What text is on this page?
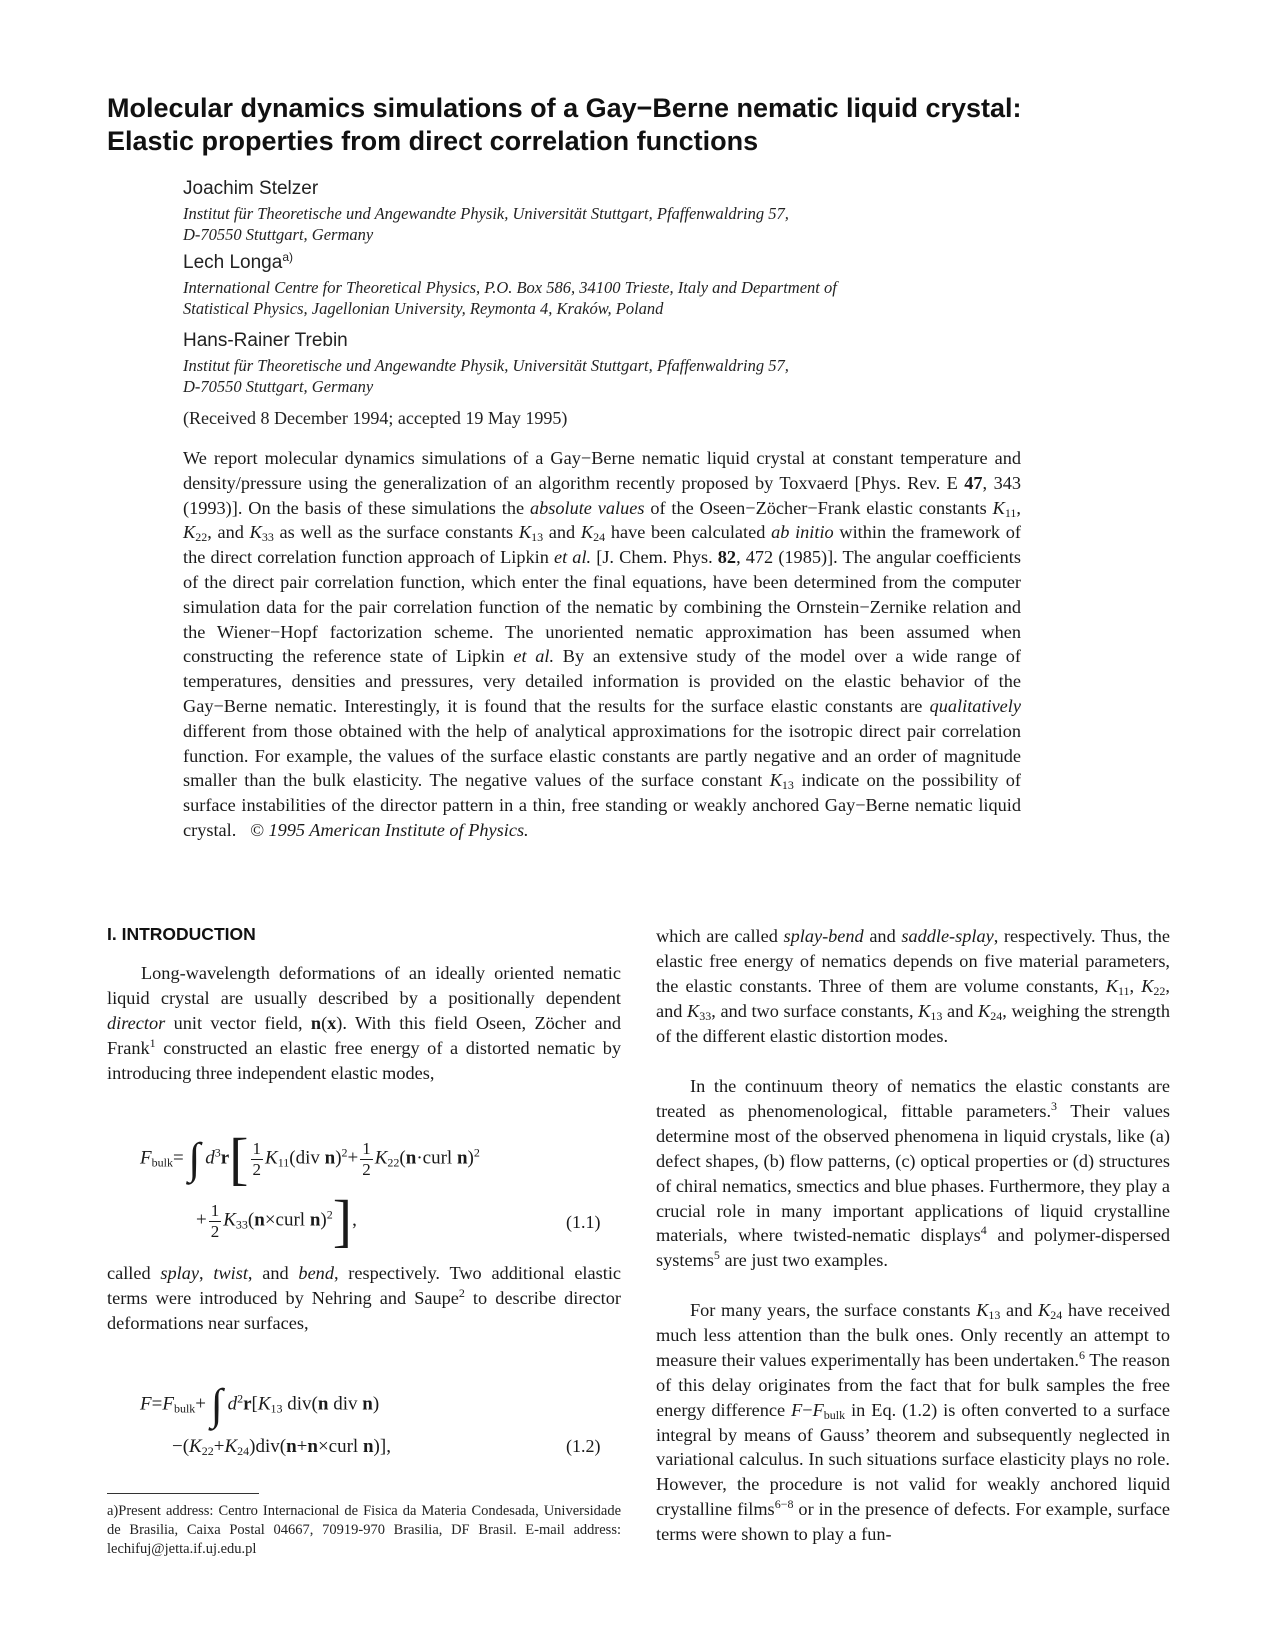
Molecular dynamics simulations of a Gay−Berne nematic liquid crystal:
Elastic properties from direct correlation functions
Joachim Stelzer
Institut für Theoretische und Angewandte Physik, Universität Stuttgart, Pfaffenwaldring 57,
D-70550 Stuttgart, Germany
Lech Longa$^{a)}$
International Centre for Theoretical Physics, P.O. Box 586, 34100 Trieste, Italy and Department of
Statistical Physics, Jagellonian University, Reymonta 4, Kraków, Poland
Hans-Rainer Trebin
Institut für Theoretische und Angewandte Physik, Universität Stuttgart, Pfaffenwaldring 57,
D-70550 Stuttgart, Germany
(Received 8 December 1994; accepted 19 May 1995)
We report molecular dynamics simulations of a Gay−Berne nematic liquid crystal at constant temperature and density/pressure using the generalization of an algorithm recently proposed by Toxvaerd [Phys. Rev. E 47, 343 (1993)]. On the basis of these simulations the absolute values of the Oseen−Zöcher−Frank elastic constants $K_{11}$, $K_{22}$, and $K_{33}$ as well as the surface constants $K_{13}$ and $K_{24}$ have been calculated ab initio within the framework of the direct correlation function approach of Lipkin et al. [J. Chem. Phys. 82, 472 (1985)]. The angular coefficients of the direct pair correlation function, which enter the final equations, have been determined from the computer simulation data for the pair correlation function of the nematic by combining the Ornstein−Zernike relation and the Wiener−Hopf factorization scheme. The unoriented nematic approximation has been assumed when constructing the reference state of Lipkin et al. By an extensive study of the model over a wide range of temperatures, densities and pressures, very detailed information is provided on the elastic behavior of the Gay−Berne nematic. Interestingly, it is found that the results for the surface elastic constants are qualitatively different from those obtained with the help of analytical approximations for the isotropic direct pair correlation function. For example, the values of the surface elastic constants are partly negative and an order of magnitude smaller than the bulk elasticity. The negative values of the surface constant $K_{13}$ indicate on the possibility of surface instabilities of the director pattern in a thin, free standing or weakly anchored Gay−Berne nematic liquid crystal. © 1995 American Institute of Physics.
I. INTRODUCTION
Long-wavelength deformations of an ideally oriented nematic liquid crystal are usually described by a positionally dependent director unit vector field, n(x). With this field Oseen, Zöcher and Frank$^1$ constructed an elastic free energy of a distorted nematic by introducing three independent elastic modes,
$F_{bulk}=$ ∫ $d^3r[ \frac{1}{2} K_{11}(div$ $n)^2+ \frac{1}{2}$ $K_{22}(n\cdot curl$ n)$^2$
+ $\frac{1}{2}$ $K_{33}(n\times curl$ n)$^2$],	(1.1)
called splay, twist, and bend, respectively. Two additional elastic terms were introduced by Nehring and Saupe$^2$ to describe director deformations near surfaces,
$F=F_{bulk}+$ ∫ $d^2r[K_{13}$ div(n div n)
$-(K_{22}+K_{24})div(n+n\times curl$ n)],	(1.2)
a)Present address: Centro Internacional de Fisica da Materia Condesada, Universidade de Brasilia, Caixa Postal 04667, 70919-970 Brasilia, DF Brasil. E-mail address: lechifuj@jetta.if.uj.edu.pl
which are called splay-bend and saddle-splay, respectively. Thus, the elastic free energy of nematics depends on five material parameters, the elastic constants. Three of them are volume constants, $K_{11}$, $K_{22}$, and $K_{33}$, and two surface constants, $K_{13}$ and $K_{24}$, weighing the strength of the different elastic distortion modes.
In the continuum theory of nematics the elastic constants are treated as phenomenological, fittable parameters.$^3$ Their values determine most of the observed phenomena in liquid crystals, like (a) defect shapes, (b) flow patterns, (c) optical properties or (d) structures of chiral nematics, smectics and blue phases. Furthermore, they play a crucial role in many important applications of liquid crystalline materials, where twisted-nematic displays$^4$ and polymer-dispersed systems$^5$ are just two examples.
For many years, the surface constants $K_{13}$ and $K_{24}$ have received much less attention than the bulk ones. Only recently an attempt to measure their values experimentally has been undertaken.$^6$ The reason of this delay originates from the fact that for bulk samples the free energy difference $F-F_{bulk}$ in Eq. (1.2) is often converted to a surface integral by means of Gauss’ theorem and subsequently neglected in variational calculus. In such situations surface elasticity plays no role. However, the procedure is not valid for weakly anchored liquid crystalline films$^{6-8}$ or in the presence of defects. For example, surface terms were shown to play a fun-
